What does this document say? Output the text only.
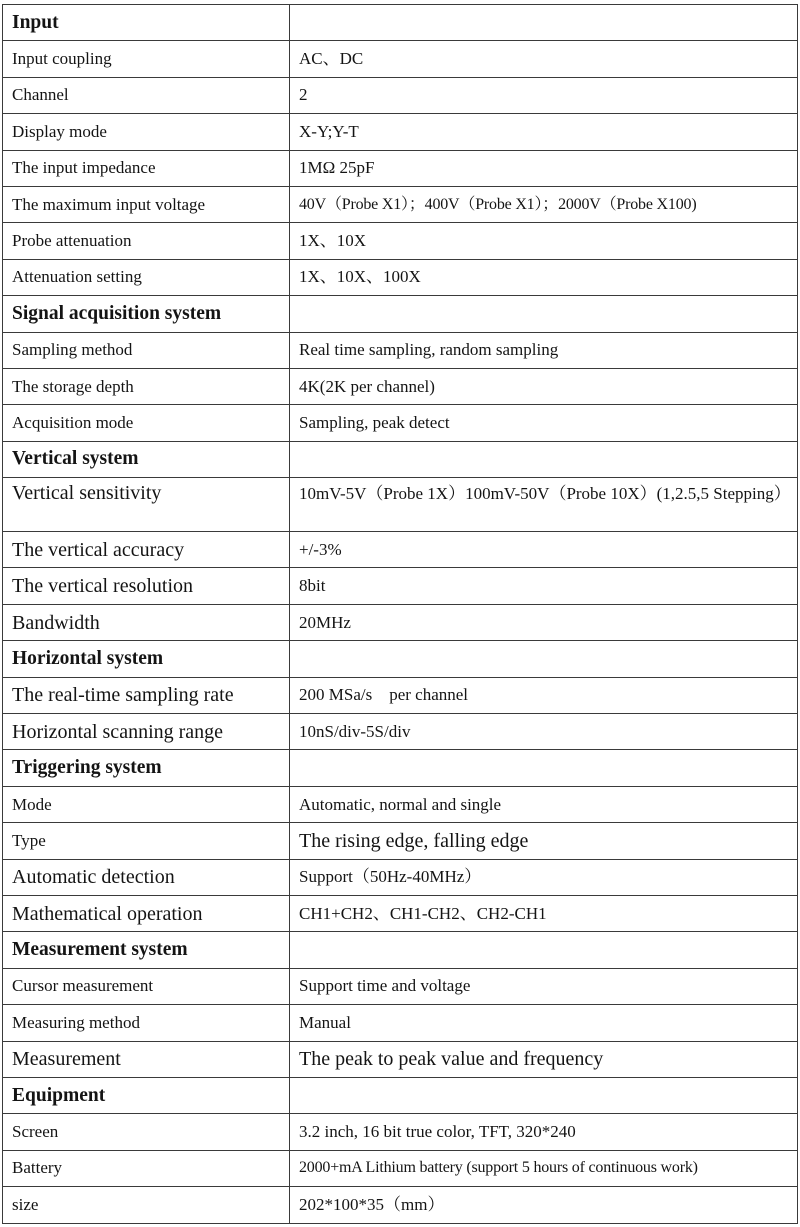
Input	
Input coupling	AC、DC
Channel	2
Display mode	X-Y;Y-T
The input impedance	1MΩ 25pF
The maximum input voltage	40V（Probe X1）；400V（Probe X1）；2000V（Probe X100)
Probe attenuation	1X、10X
Attenuation setting	1X、10X、100X
Signal acquisition system	
Sampling method	Real time sampling, random sampling
The storage depth	4K(2K per channel)
Acquisition mode	Sampling, peak detect
Vertical system	
Vertical sensitivity	10mV-5V（Probe 1X）100mV-50V（Probe 10X）(1,2.5,5 Stepping）
The vertical accuracy	+/-3%
The vertical resolution	8bit
Bandwidth	20MHz
Horizontal system	
The real-time sampling rate	200 MSa/s    per channel
Horizontal scanning range	10nS/div-5S/div
Triggering system	
Mode	Automatic, normal and single
Type	The rising edge, falling edge
Automatic detection	Support（50Hz-40MHz）
Mathematical operation	CH1+CH2、CH1-CH2、CH2-CH1
Measurement system	
Cursor measurement	Support time and voltage
Measuring method	Manual
Measurement	The peak to peak value and frequency
Equipment	
Screen	3.2 inch, 16 bit true color, TFT, 320*240
Battery	2000+mA Lithium battery (support 5 hours of continuous work)
size	202*100*35（mm）
